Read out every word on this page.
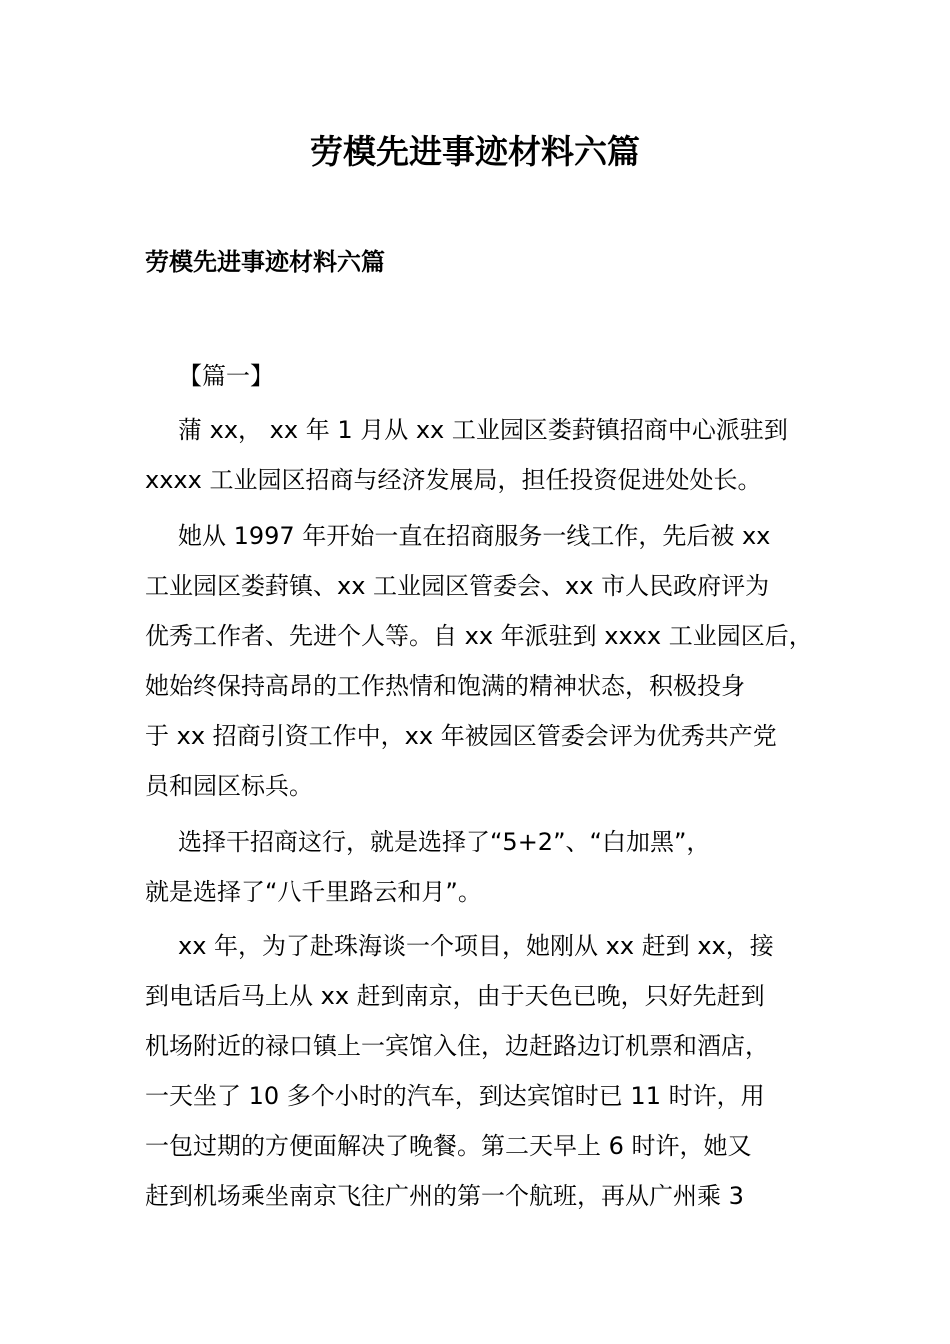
劳模先进事迹材料六篇
劳模先进事迹材料六篇

【篇一】

蒲 xx， xx 年 1 月从 xx 工业园区娄葑镇招商中心派驻到

xxxx 工业园区招商与经济发展局，担任投资促进处处长。

她从 1997 年开始一直在招商服务一线工作，先后被 xx

工业园区娄葑镇、xx 工业园区管委会、xx 市人民政府评为

优秀工作者、先进个人等。自 xx 年派驻到 xxxx 工业园区后，

她始终保持高昂的工作热情和饱满的精神状态，积极投身

于 xx 招商引资工作中，xx 年被园区管委会评为优秀共产党

员和园区标兵。

选择干招商这行，就是选择了“5+2”、“白加黑”，

就是选择了“八千里路云和月”。

xx 年，为了赴珠海谈一个项目，她刚从 xx 赶到 xx，接

到电话后马上从 xx 赶到南京，由于天色已晚，只好先赶到

机场附近的禄口镇上一宾馆入住，边赶路边订机票和酒店，

一天坐了 10 多个小时的汽车，到达宾馆时已 11 时许，用

一包过期的方便面解决了晚餐。第二天早上 6 时许，她又

赶到机场乘坐南京飞往广州的第一个航班，再从广州乘 3
